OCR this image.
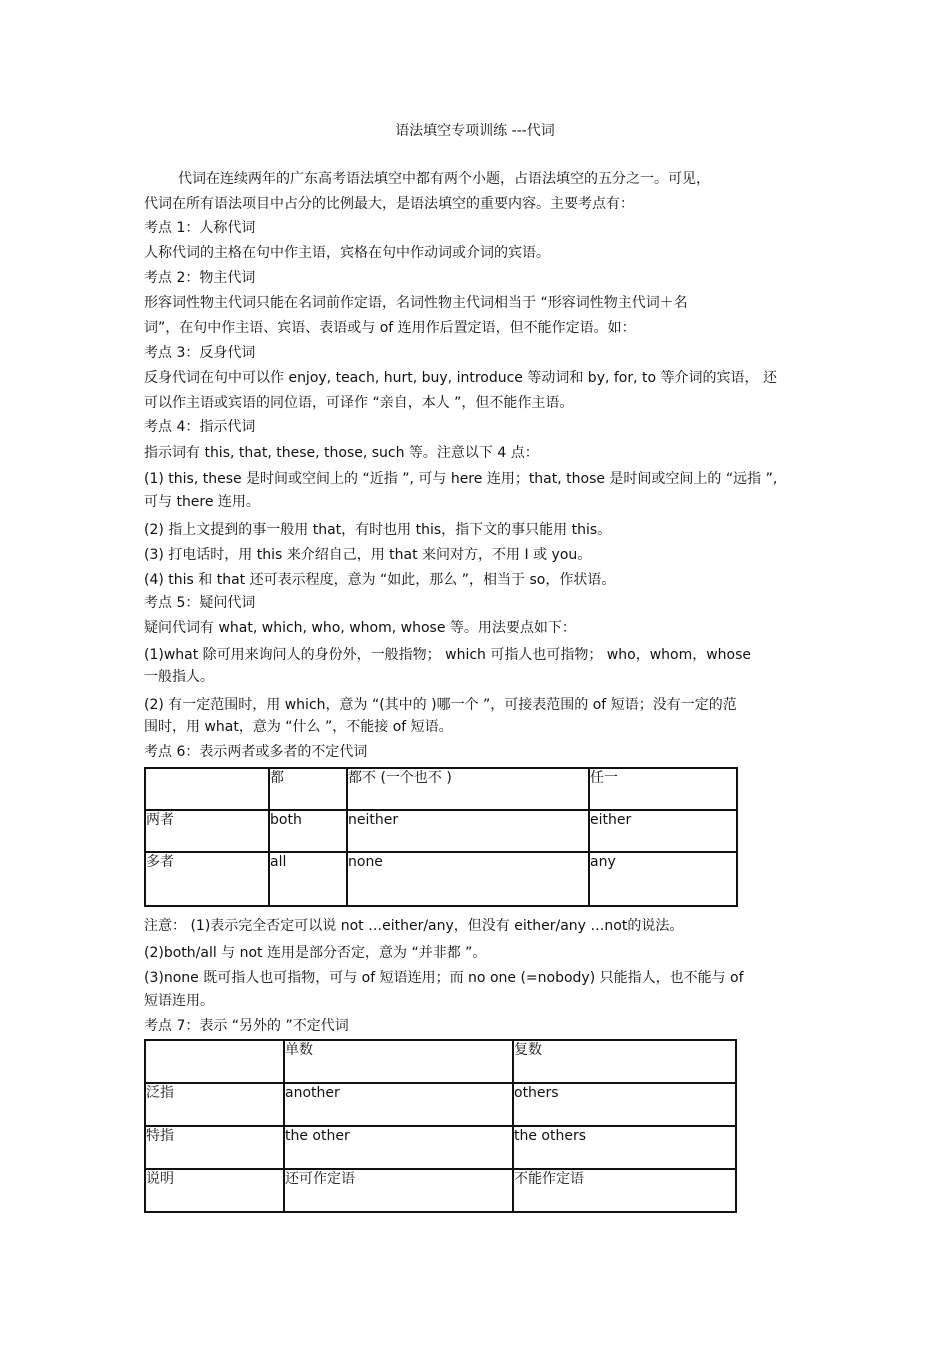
语法填空专项训练 ---代词
代词在连续两年的广东高考语法填空中都有两个小题，占语法填空的五分之一。可见，
代词在所有语法项目中占分的比例最大，是语法填空的重要内容。主要考点有：
考点 1：人称代词
人称代词的主格在句中作主语，宾格在句中作动词或介词的宾语。
考点 2：物主代词
形容词性物主代词只能在名词前作定语，名词性物主代词相当于 “形容词性物主代词＋名
词”，在句中作主语、宾语、表语或与 of 连用作后置定语，但不能作定语。如：
考点 3：反身代词
反身代词在句中可以作 enjoy, teach, hurt, buy, introduce 等动词和 by, for, to 等介词的宾语， 还
可以作主语或宾语的同位语，可译作 “亲自，本人 ”，但不能作主语。
考点 4：指示代词
指示词有 this, that, these, those, such 等。注意以下 4 点：
(1) this, these 是时间或空间上的 “近指 ”, 可与 here 连用；that, those 是时间或空间上的 “远指 ”,
可与 there 连用。
(2) 指上文提到的事一般用 that，有时也用 this，指下文的事只能用 this。
(3) 打电话时，用 this 来介绍自己，用 that 来问对方，不用 I 或 you。
(4) this 和 that 还可表示程度，意为 “如此，那么 ”，相当于 so，作状语。
考点 5：疑问代词
疑问代词有 what, which, who, whom, whose 等。用法要点如下：
(1)what 除可用来询问人的身份外，一般指物； which 可指人也可指物； who，whom，whose
一般指人。
(2) 有一定范围时，用 which，意为 “(其中的 )哪一个 ”，可接表范围的 of 短语；没有一定的范
围时，用 what，意为 “什么 ”，不能接 of 短语。
考点 6：表示两者或多者的不定代词
	都	都不 (一个也不 )	任一
两者	both	neither	either
多者	all	none	any
注意： (1)表示完全否定可以说 not …either/any，但没有 either/any …not的说法。
(2)both/all 与 not 连用是部分否定，意为 “并非都 ”。
(3)none 既可指人也可指物，可与 of 短语连用；而 no one (=nobody) 只能指人，也不能与 of
短语连用。
考点 7：表示 “另外的 ”不定代词
	单数	复数
泛指	another	others
特指	the other	the others
说明	还可作定语	不能作定语
